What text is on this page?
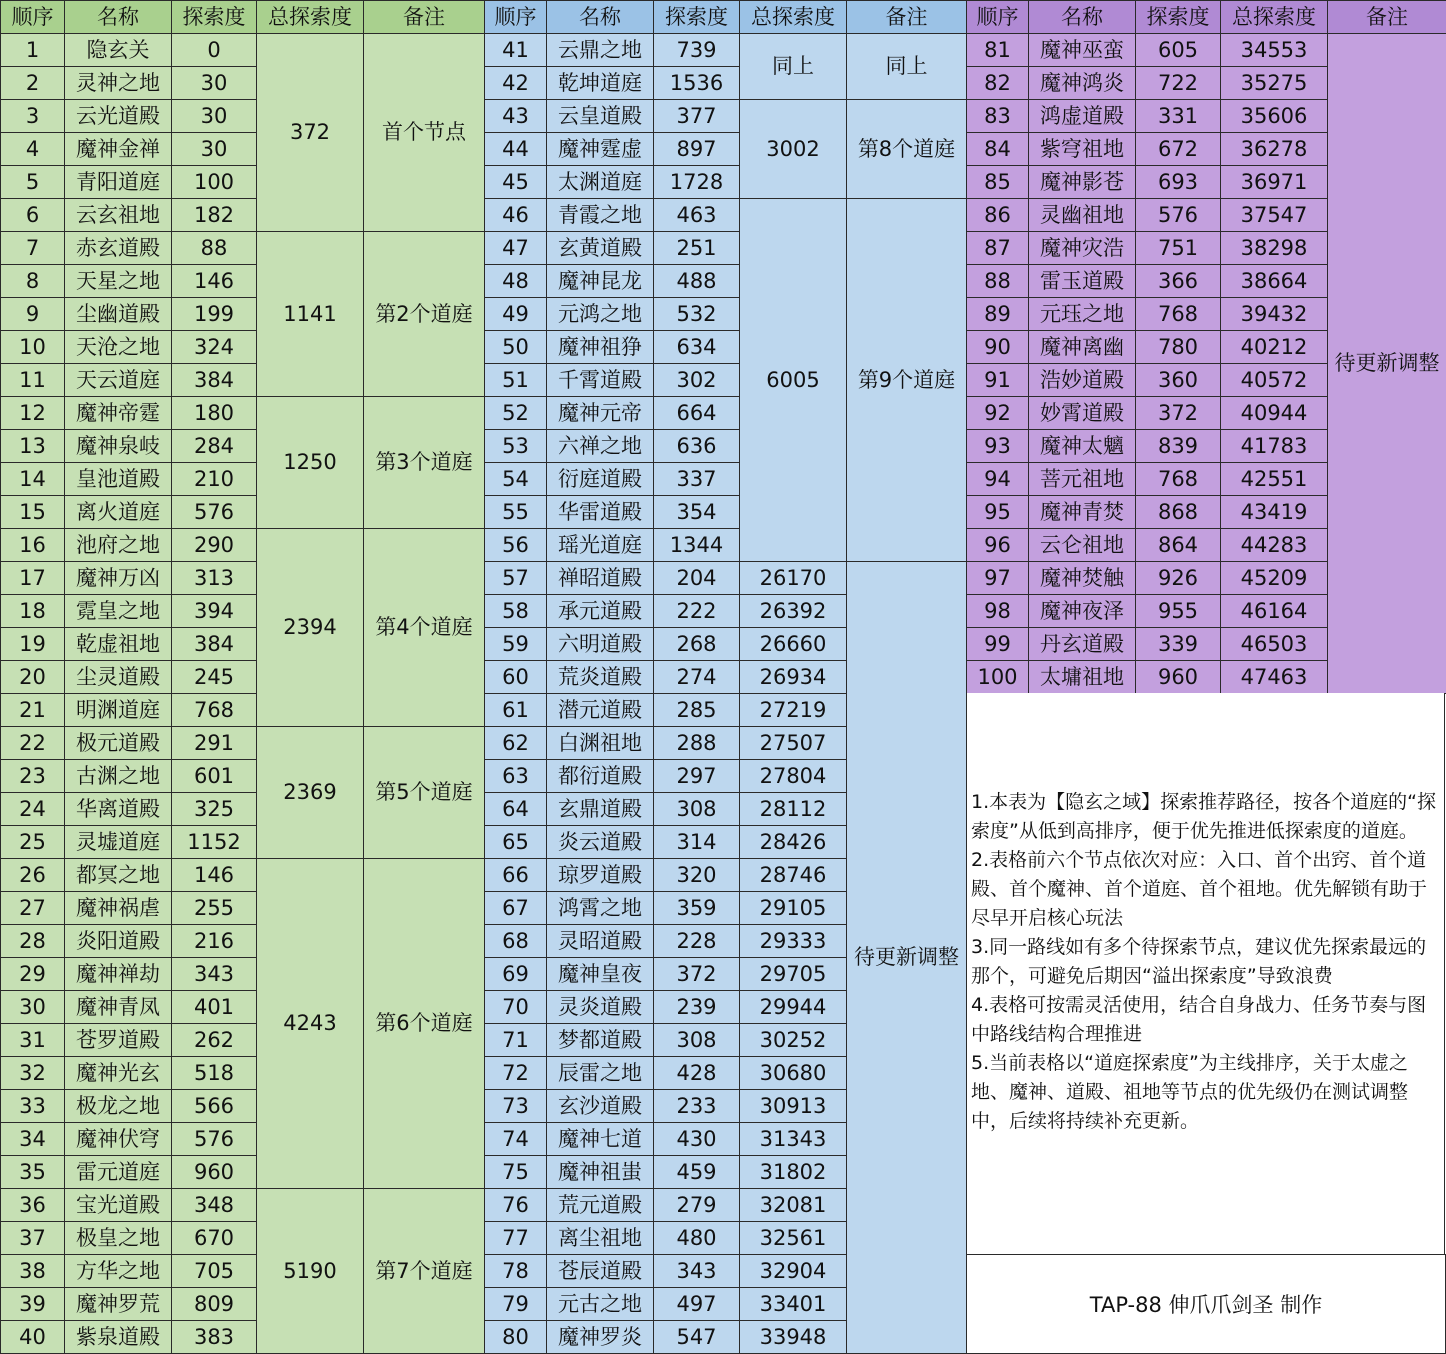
顺序	名称	探索度	总探索度	备注
1	隐玄关	0	372	首个节点
2	灵神之地	30		
3	云光道殿	30		
4	魔神金禅	30		
5	青阳道庭	100		
6	云玄祖地	182		
7	赤玄道殿	88	1141	第2个道庭
8	天星之地	146		
9	尘幽道殿	199		
10	天沧之地	324		
11	天云道庭	384		
12	魔神帝霆	180	1250	第3个道庭
13	魔神泉岐	284		
14	皇池道殿	210		
15	离火道庭	576		
16	池府之地	290	2394	第4个道庭
17	魔神万凶	313		
18	霓皇之地	394		
19	乾虚祖地	384		
20	尘灵道殿	245		
21	明渊道庭	768		
22	极元道殿	291	2369	第5个道庭
23	古渊之地	601		
24	华离道殿	325		
25	灵墟道庭	1152		
26	都冥之地	146	4243	第6个道庭
27	魔神祸虐	255		
28	炎阳道殿	216		
29	魔神禅劫	343		
30	魔神青凤	401		
31	苍罗道殿	262		
32	魔神光玄	518		
33	极龙之地	566		
34	魔神伏穹	576		
35	雷元道庭	960		
36	宝光道殿	348	5190	第7个道庭
37	极皇之地	670		
38	方华之地	705		
39	魔神罗荒	809		
40	紫泉道殿	383		
顺序	名称	探索度	总探索度	备注
41	云鼎之地	739	同上	同上
42	乾坤道庭	1536		
43	云皇道殿	377	3002	第8个道庭
44	魔神霆虚	897		
45	太渊道庭	1728		
46	青霞之地	463	6005	第9个道庭
47	玄黄道殿	251		
48	魔神昆龙	488		
49	元鸿之地	532		
50	魔神祖狰	634		
51	千霄道殿	302		
52	魔神元帝	664		
53	六禅之地	636		
54	衍庭道殿	337		
55	华雷道殿	354		
56	瑶光道庭	1344		
57	禅昭道殿	204	26170	待更新调整
58	承元道殿	222	26392	
59	六明道殿	268	26660	
60	荒炎道殿	274	26934	
61	潜元道殿	285	27219	
62	白渊祖地	288	27507	
63	都衍道殿	297	27804	
64	玄鼎道殿	308	28112	
65	炎云道殿	314	28426	
66	琼罗道殿	320	28746	
67	鸿霄之地	359	29105	
68	灵昭道殿	228	29333	
69	魔神皇夜	372	29705	
70	灵炎道殿	239	29944	
71	梦都道殿	308	30252	
72	辰雷之地	428	30680	
73	玄沙道殿	233	30913	
74	魔神七道	430	31343	
75	魔神祖蚩	459	31802	
76	荒元道殿	279	32081	
77	离尘祖地	480	32561	
78	苍辰道殿	343	32904	
79	元古之地	497	33401	
80	魔神罗炎	547	33948	
顺序	名称	探索度	总探索度	备注
81	魔神巫蛮	605	34553	待更新调整
82	魔神鸿炎	722	35275	
83	鸿虚道殿	331	35606	
84	紫穹祖地	672	36278	
85	魔神影苍	693	36971	
86	灵幽祖地	576	37547	
87	魔神灾浩	751	38298	
88	雷玉道殿	366	38664	
89	元珏之地	768	39432	
90	魔神离幽	780	40212	
91	浩妙道殿	360	40572	
92	妙霄道殿	372	40944	
93	魔神太魑	839	41783	
94	菩元祖地	768	42551	
95	魔神青焚	868	43419	
96	云仑祖地	864	44283	
97	魔神焚触	926	45209	
98	魔神夜泽	955	46164	
99	丹玄道殿	339	46503	
100	太墉祖地	960	47463	

1.本表为【隐玄之域】探索推荐路径，按各个道庭的“探索度”从低到高排序，便于优先推进低探索度的道庭。

2.表格前六个节点依次对应：入口、首个出窍、首个道殿、首个魔神、首个道庭、首个祖地。优先解锁有助于尽早开启核心玩法

3.同一路线如有多个待探索节点，建议优先探索最远的那个，可避免后期因“溢出探索度”导致浪费

4.表格可按需灵活使用，结合自身战力、任务节奏与图中路线结构合理推进

5.当前表格以“道庭探索度”为主线排序，关于太虚之地、魔神、道殿、祖地等节点的优先级仍在测试调整中，后续将持续补充更新。

TAP-88 伸爪爪剑圣 制作
